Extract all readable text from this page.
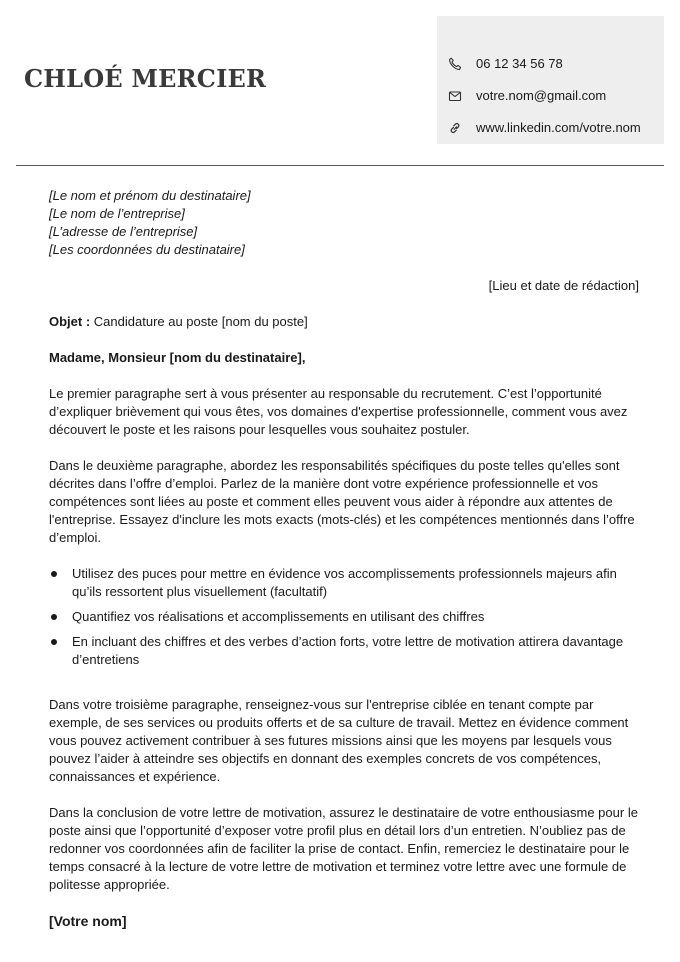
CHLOÉ MERCIER
06 12 34 56 78
votre.nom@gmail.com
www.linkedin.com/votre.nom

[Le nom et prénom du destinataire]

[Le nom de l’entreprise]

[L’adresse de l’entreprise]

[Les coordonnées du destinataire]

[Lieu et date de rédaction]

Objet : Candidature au poste [nom du poste]

Madame, Monsieur [nom du destinataire],

Le premier paragraphe sert à vous présenter au responsable du recrutement. C’est l’opportunité d’expliquer brièvement qui vous êtes, vos domaines d'expertise professionnelle, comment vous avez découvert le poste et les raisons pour lesquelles vous souhaitez postuler.

Dans le deuxième paragraphe, abordez les responsabilités spécifiques du poste telles qu'elles sont décrites dans l’offre d’emploi. Parlez de la manière dont votre expérience professionnelle et vos compétences sont liées au poste et comment elles peuvent vous aider à répondre aux attentes de l'entreprise. Essayez d'inclure les mots exacts (mots-clés) et les compétences mentionnés dans l’offre d’emploi.

Utilisez des puces pour mettre en évidence vos accomplissements professionnels majeurs afin qu’ils ressortent plus visuellement (facultatif)
Quantifiez vos réalisations et accomplissements en utilisant des chiffres
En incluant des chiffres et des verbes d’action forts, votre lettre de motivation attirera davantage d’entretiens

Dans votre troisième paragraphe, renseignez-vous sur l'entreprise ciblée en tenant compte par exemple, de ses services ou produits offerts et de sa culture de travail. Mettez en évidence comment vous pouvez activement contribuer à ses futures missions ainsi que les moyens par lesquels vous pouvez l’aider à atteindre ses objectifs en donnant des exemples concrets de vos compétences, connaissances et expérience.

Dans la conclusion de votre lettre de motivation, assurez le destinataire de votre enthousiasme pour le poste ainsi que l’opportunité d’exposer votre profil plus en détail lors d’un entretien. N’oubliez pas de redonner vos coordonnées afin de faciliter la prise de contact. Enfin, remerciez le destinataire pour le temps consacré à la lecture de votre lettre de motivation et terminez votre lettre avec une formule de politesse appropriée.

[Votre nom]
